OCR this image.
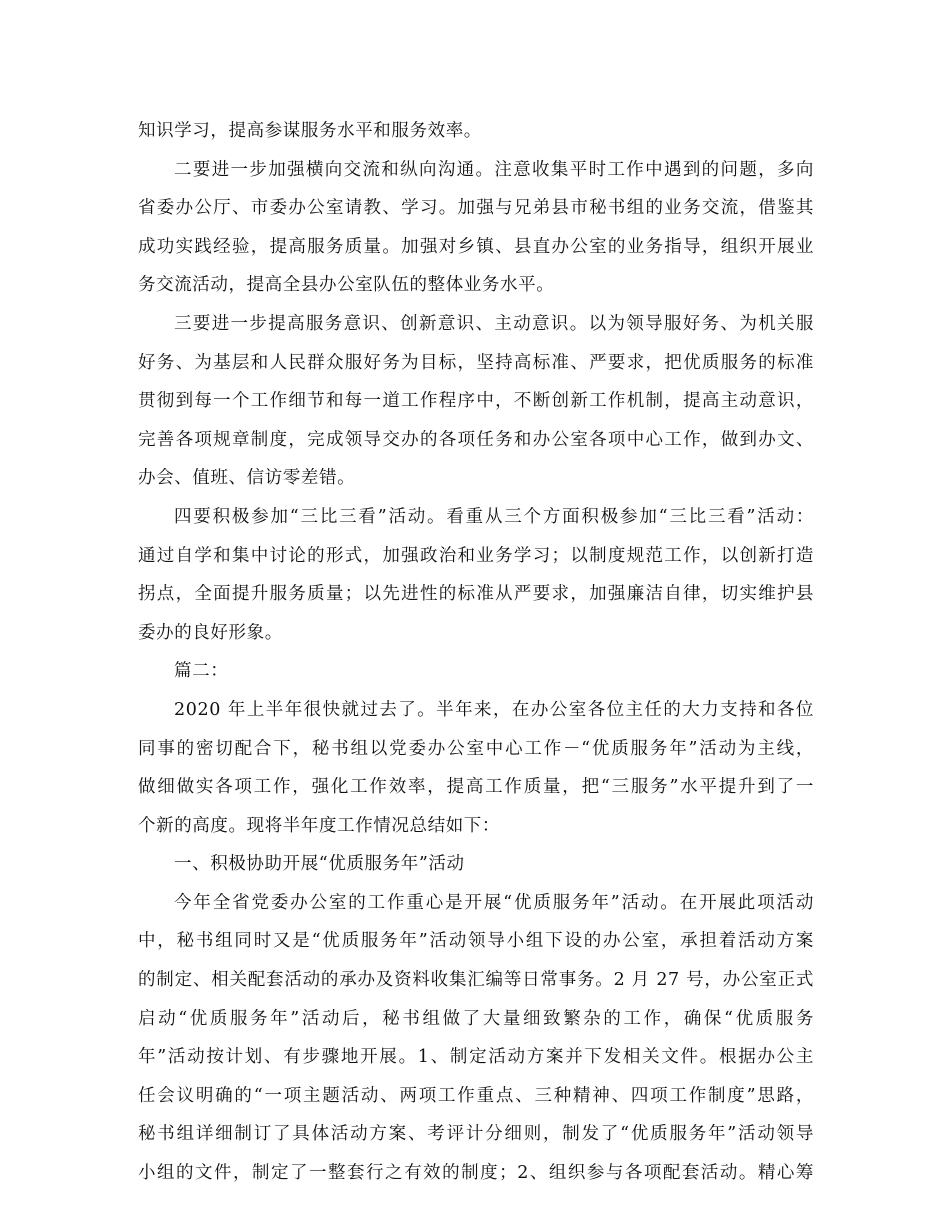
知识学习，提高参谋服务水平和服务效率。
二要进一步加强横向交流和纵向沟通。注意收集平时工作中遇到的问题，多向
省委办公厅、市委办公室请教、学习。加强与兄弟县市秘书组的业务交流，借鉴其
成功实践经验，提高服务质量。加强对乡镇、县直办公室的业务指导，组织开展业
务交流活动，提高全县办公室队伍的整体业务水平。
三要进一步提高服务意识、创新意识、主动意识。以为领导服好务、为机关服
好务、为基层和人民群众服好务为目标，坚持高标准、严要求，把优质服务的标准
贯彻到每一个工作细节和每一道工作程序中，不断创新工作机制，提高主动意识，
完善各项规章制度，完成领导交办的各项任务和办公室各项中心工作，做到办文、
办会、值班、信访零差错。
四要积极参加“三比三看”活动。看重从三个方面积极参加“三比三看”活动：
通过自学和集中讨论的形式，加强政治和业务学习；以制度规范工作，以创新打造
拐点，全面提升服务质量；以先进性的标准从严要求，加强廉洁自律，切实维护县
委办的良好形象。
篇二：
2020 年上半年很快就过去了。半年来，在办公室各位主任的大力支持和各位
同事的密切配合下，秘书组以党委办公室中心工作－“优质服务年”活动为主线，
做细做实各项工作，强化工作效率，提高工作质量，把“三服务”水平提升到了一
个新的高度。现将半年度工作情况总结如下：
一、积极协助开展“优质服务年”活动
今年全省党委办公室的工作重心是开展“优质服务年”活动。在开展此项活动
中，秘书组同时又是“优质服务年”活动领导小组下设的办公室，承担着活动方案
的制定、相关配套活动的承办及资料收集汇编等日常事务。2 月 27 号，办公室正式
启动“优质服务年”活动后，秘书组做了大量细致繁杂的工作，确保“优质服务
年”活动按计划、有步骤地开展。1、制定活动方案并下发相关文件。根据办公主
任会议明确的“一项主题活动、两项工作重点、三种精神、四项工作制度”思路，
秘书组详细制订了具体活动方案、考评计分细则，制发了“优质服务年”活动领导
小组的文件，制定了一整套行之有效的制度；2、组织参与各项配套活动。精心筹
